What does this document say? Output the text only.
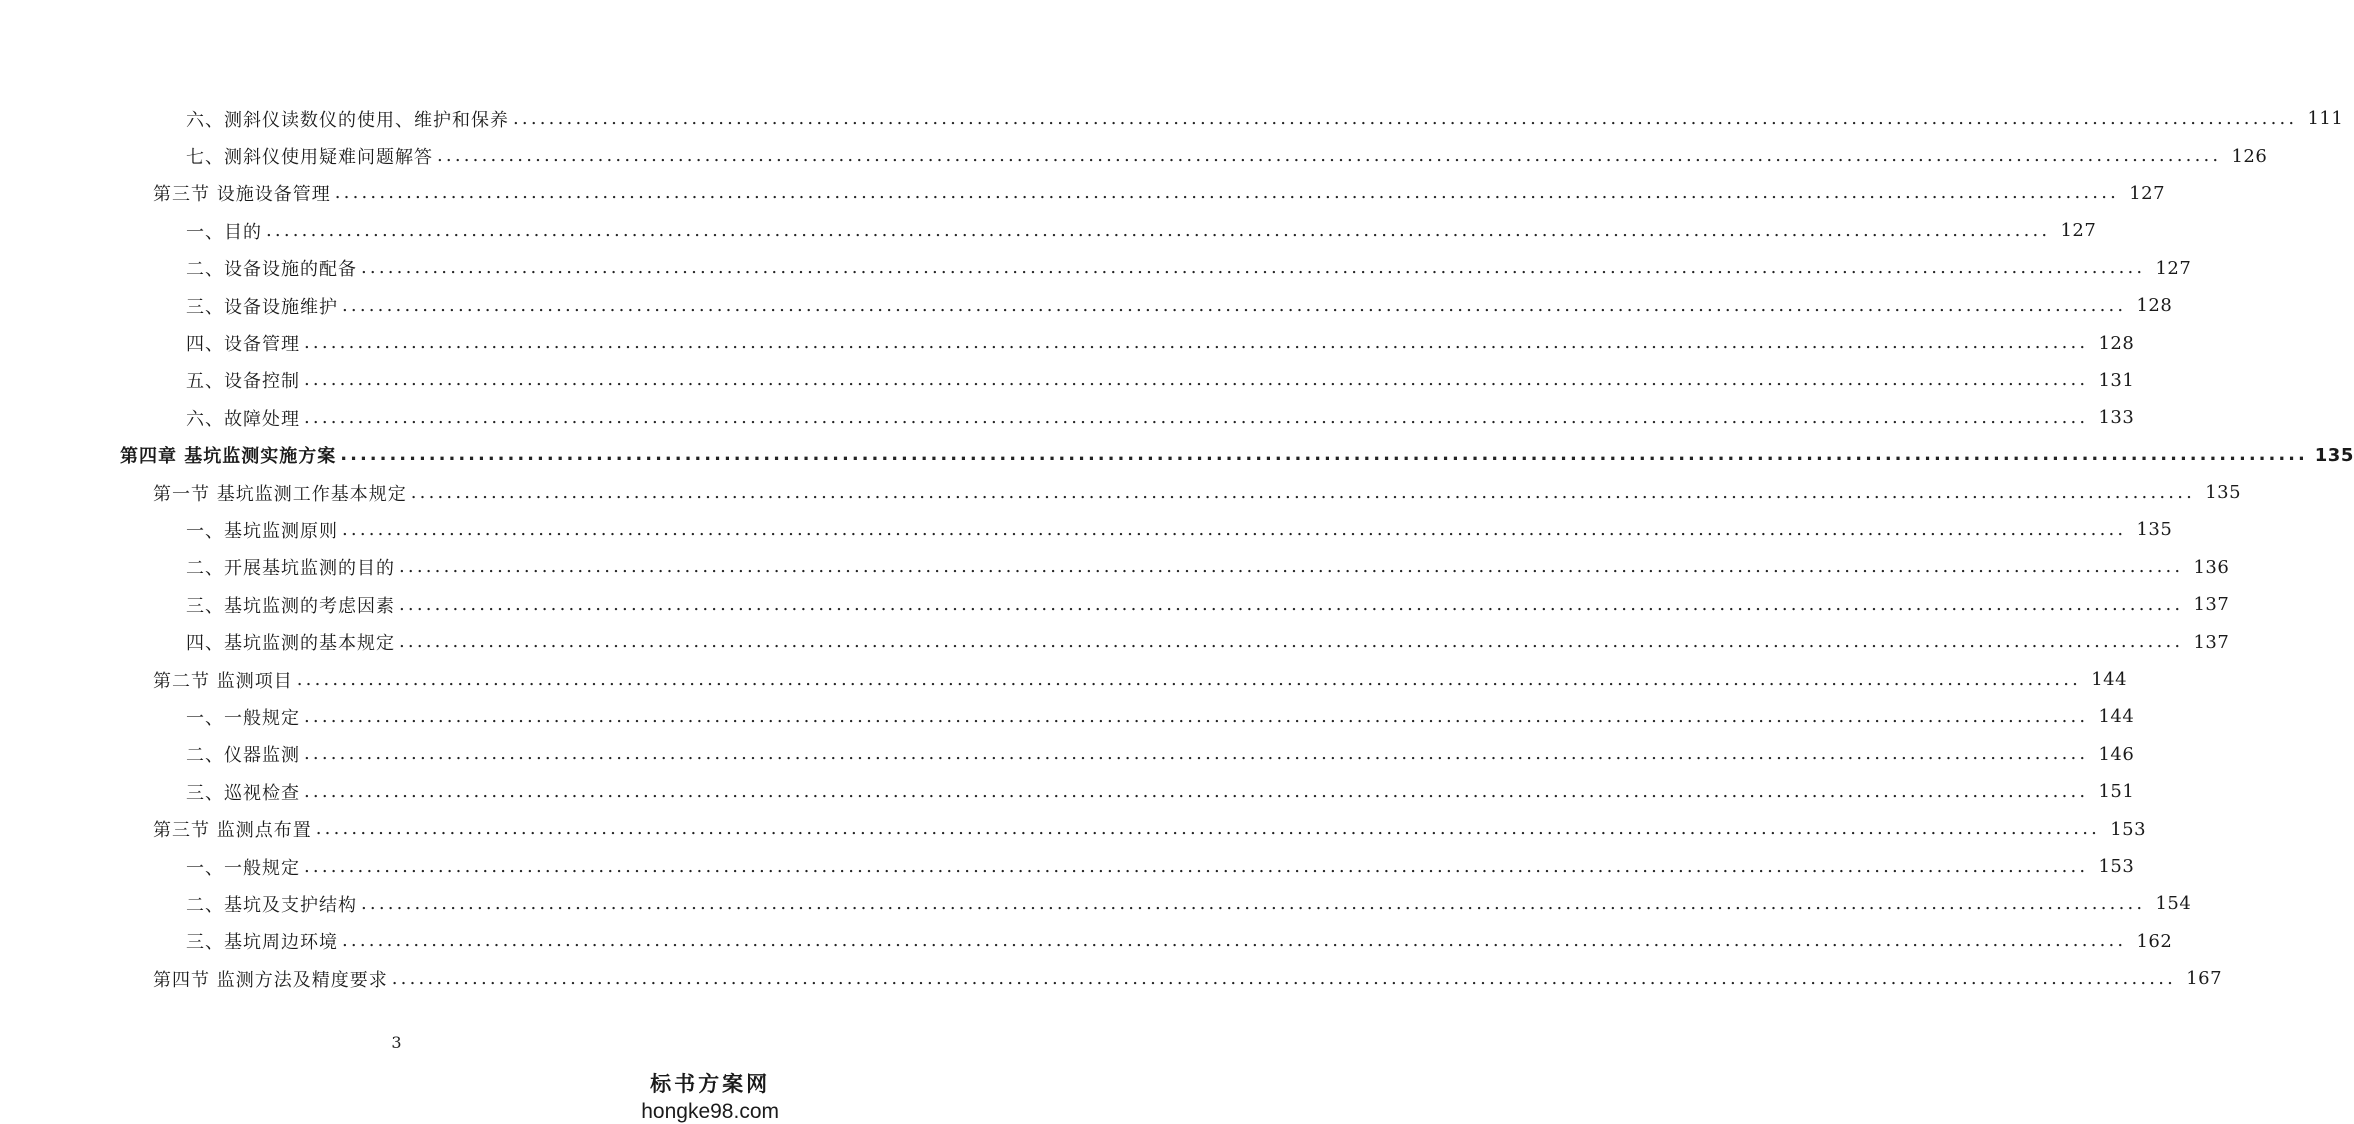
六、测斜仪读数仪的使用、维护和保养 ........................................................................................................................................................................................................ 111
七、测斜仪使用疑难问题解答 ........................................................................................................................................................................................................ 126
第三节 设施设备管理 ........................................................................................................................................................................................................ 127
一、目的 ........................................................................................................................................................................................................ 127
二、设备设施的配备 ........................................................................................................................................................................................................ 127
三、设备设施维护 ........................................................................................................................................................................................................ 128
四、设备管理 ........................................................................................................................................................................................................ 128
五、设备控制 ........................................................................................................................................................................................................ 131
六、故障处理 ........................................................................................................................................................................................................ 133
第四章 基坑监测实施方案 ........................................................................................................................................................................................................ 135
第一节 基坑监测工作基本规定 ........................................................................................................................................................................................................ 135
一、基坑监测原则 ........................................................................................................................................................................................................ 135
二、开展基坑监测的目的 ........................................................................................................................................................................................................ 136
三、基坑监测的考虑因素 ........................................................................................................................................................................................................ 137
四、基坑监测的基本规定 ........................................................................................................................................................................................................ 137
第二节 监测项目 ........................................................................................................................................................................................................ 144
一、一般规定 ........................................................................................................................................................................................................ 144
二、仪器监测 ........................................................................................................................................................................................................ 146
三、巡视检查 ........................................................................................................................................................................................................ 151
第三节 监测点布置 ........................................................................................................................................................................................................ 153
一、一般规定 ........................................................................................................................................................................................................ 153
二、基坑及支护结构 ........................................................................................................................................................................................................ 154
三、基坑周边环境 ........................................................................................................................................................................................................ 162
第四节 监测方法及精度要求 ........................................................................................................................................................................................................ 167
3
标书方案网
hongke98.com
